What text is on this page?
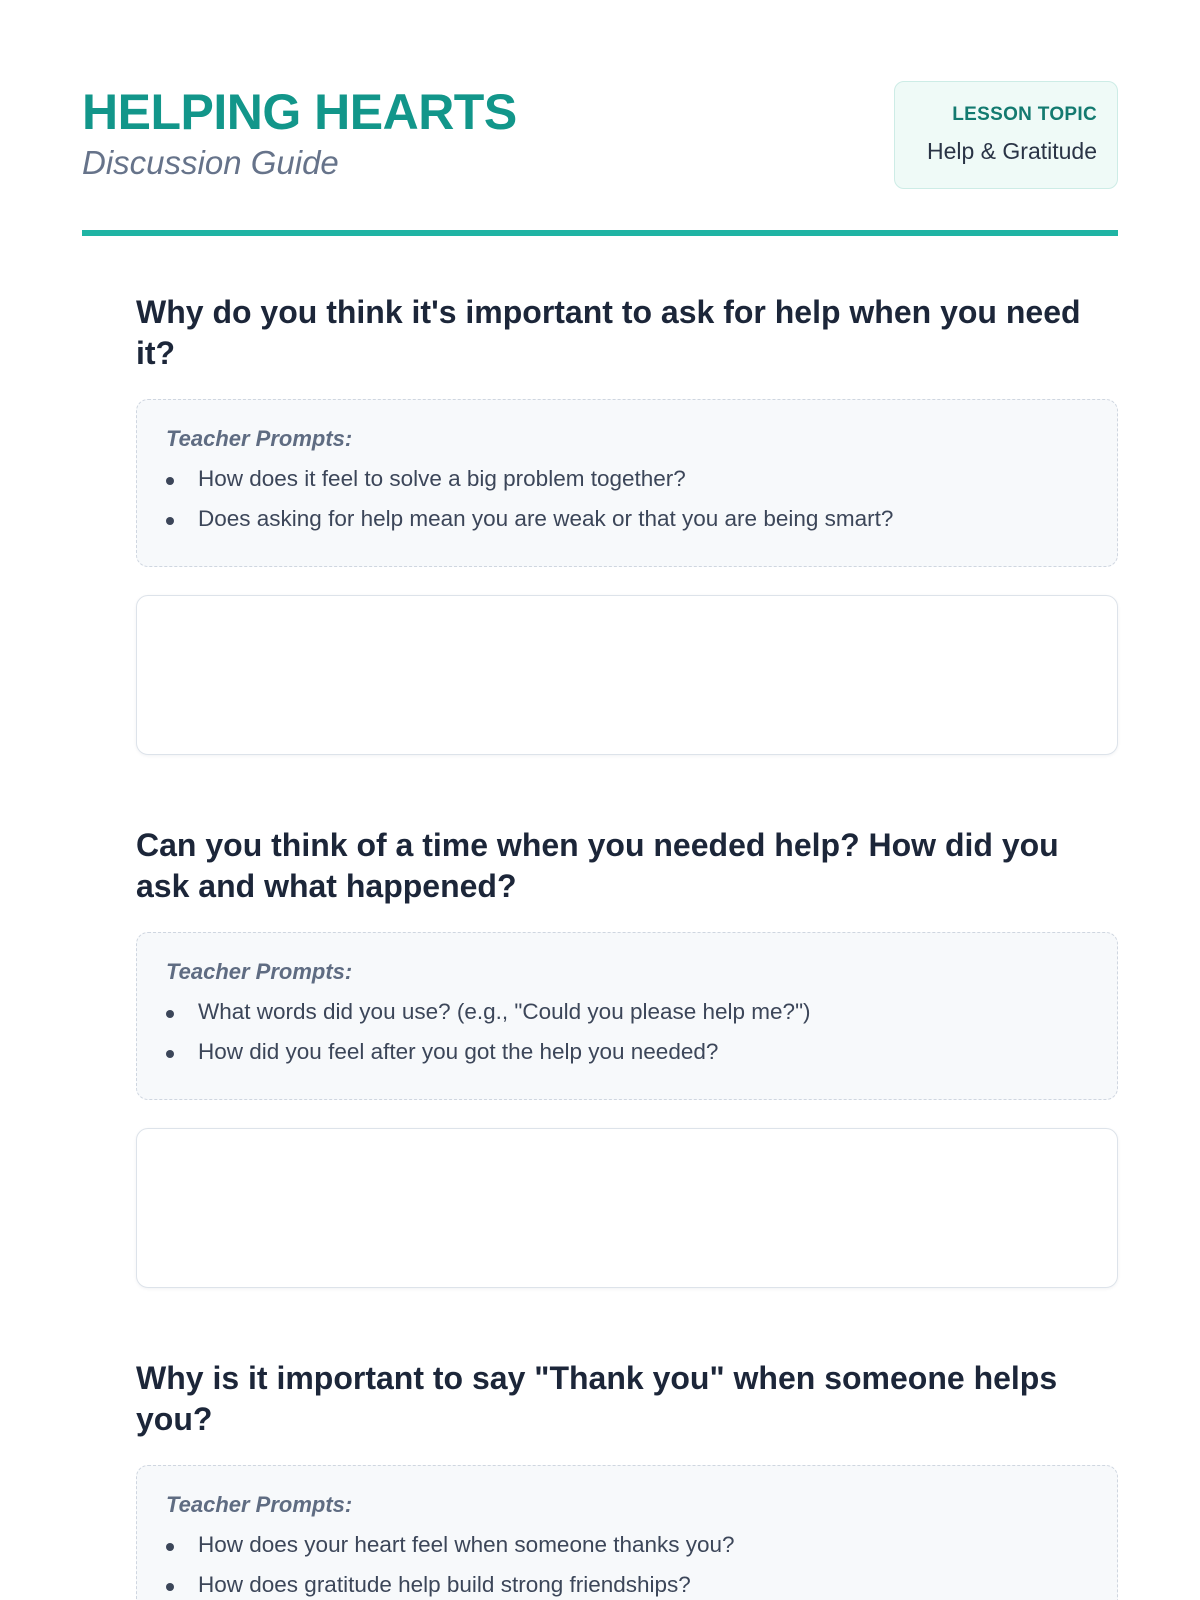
HELPING HEARTS
Discussion Guide
LESSON TOPIC
Help & Gratitude
Why do you think it's important to ask for help when you need it?
Teacher Prompts:
How does it feel to solve a big problem together?
Does asking for help mean you are weak or that you are being smart?
Can you think of a time when you needed help? How did you ask and what happened?
Teacher Prompts:
What words did you use? (e.g., "Could you please help me?")
How did you feel after you got the help you needed?
Why is it important to say "Thank you" when someone helps you?
Teacher Prompts:
How does your heart feel when someone thanks you?
How does gratitude help build strong friendships?
